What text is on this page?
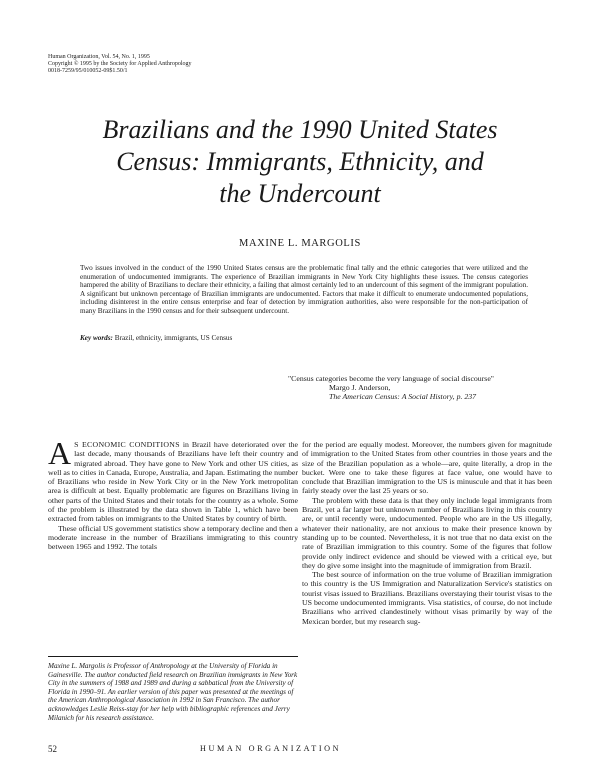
Human Organization, Vol. 54, No. 1, 1995
Copyright © 1995 by the Society for Applied Anthropology
0018-7259/95/010052-09$1.50/1
Brazilians and the 1990 United States
Census: Immigrants, Ethnicity, and
the Undercount
MAXINE L. MARGOLIS
Two issues involved in the conduct of the 1990 United States census are the problematic final tally and the ethnic categories that were utilized and the enumeration of undocumented immigrants. The experience of Brazilian immigrants in New York City highlights these issues. The census categories hampered the ability of Brazilians to declare their ethnicity, a failing that almost certainly led to an undercount of this segment of the immigrant population. A significant but unknown percentage of Brazilian immigrants are undocumented. Factors that make it difficult to enumerate undocumented populations, including disinterest in the entire census enterprise and fear of detection by immigration authorities, also were responsible for the non-participation of many Brazilians in the 1990 census and for their subsequent undercount.
Key words: Brazil, ethnicity, immigrants, US Census
"Census categories become the very language of social discourse"
Margo J. Anderson,
The American Census: A Social History, p. 237

A S ECONOMIC CONDITIONS in Brazil have deteriorated over the last decade, many thousands of Brazilians have left their country and migrated abroad. They have gone to New York and other US cities, as well as to cities in Canada, Europe, Australia, and Japan. Estimating the number of Brazilians who reside in New York City or in the New York metropolitan area is difficult at best. Equally problematic are figures on Brazilians living in other parts of the United States and their totals for the country as a whole. Some of the problem is illustrated by the data shown in Table 1, which have been extracted from tables on immigrants to the United States by country of birth.

These official US government statistics show a temporary decline and then a moderate increase in the number of Brazilians immigrating to this country between 1965 and 1992. The totals

for the period are equally modest. Moreover, the numbers given for magnitude of immigration to the United States from other countries in those years and the size of the Brazilian population as a whole—are, quite literally, a drop in the bucket. Were one to take these figures at face value, one would have to conclude that Brazilian immigration to the US is minuscule and that it has been fairly steady over the last 25 years or so.

The problem with these data is that they only include legal immigrants from Brazil, yet a far larger but unknown number of Brazilians living in this country are, or until recently were, undocumented. People who are in the US illegally, whatever their nationality, are not anxious to make their presence known by standing up to be counted. Nevertheless, it is not true that no data exist on the rate of Brazilian immigration to this country. Some of the figures that follow provide only indirect evidence and should be viewed with a critical eye, but they do give some insight into the magnitude of immigration from Brazil.

The best source of information on the true volume of Brazilian immigration to this country is the US Immigration and Naturalization Service's statistics on tourist visas issued to Brazilians. Brazilians overstaying their tourist visas to the US become undocumented immigrants. Visa statistics, of course, do not include Brazilians who arrived clandestinely without visas primarily by way of the Mexican border, but my research sug-

Maxine L. Margolis is Professor of Anthropology at the University of Florida in Gainesville. The author conducted field research on Brazilian immigrants in New York City in the summers of 1988 and 1989 and during a sabbatical from the University of Florida in 1990–91. An earlier version of this paper was presented at the meetings of the American Anthropological Association in 1992 in San Francisco. The author acknowledges Leslie Reiss-stay for her help with bibliographic references and Jerry Milanich for his research assistance.
52	HUMAN ORGANIZATION
